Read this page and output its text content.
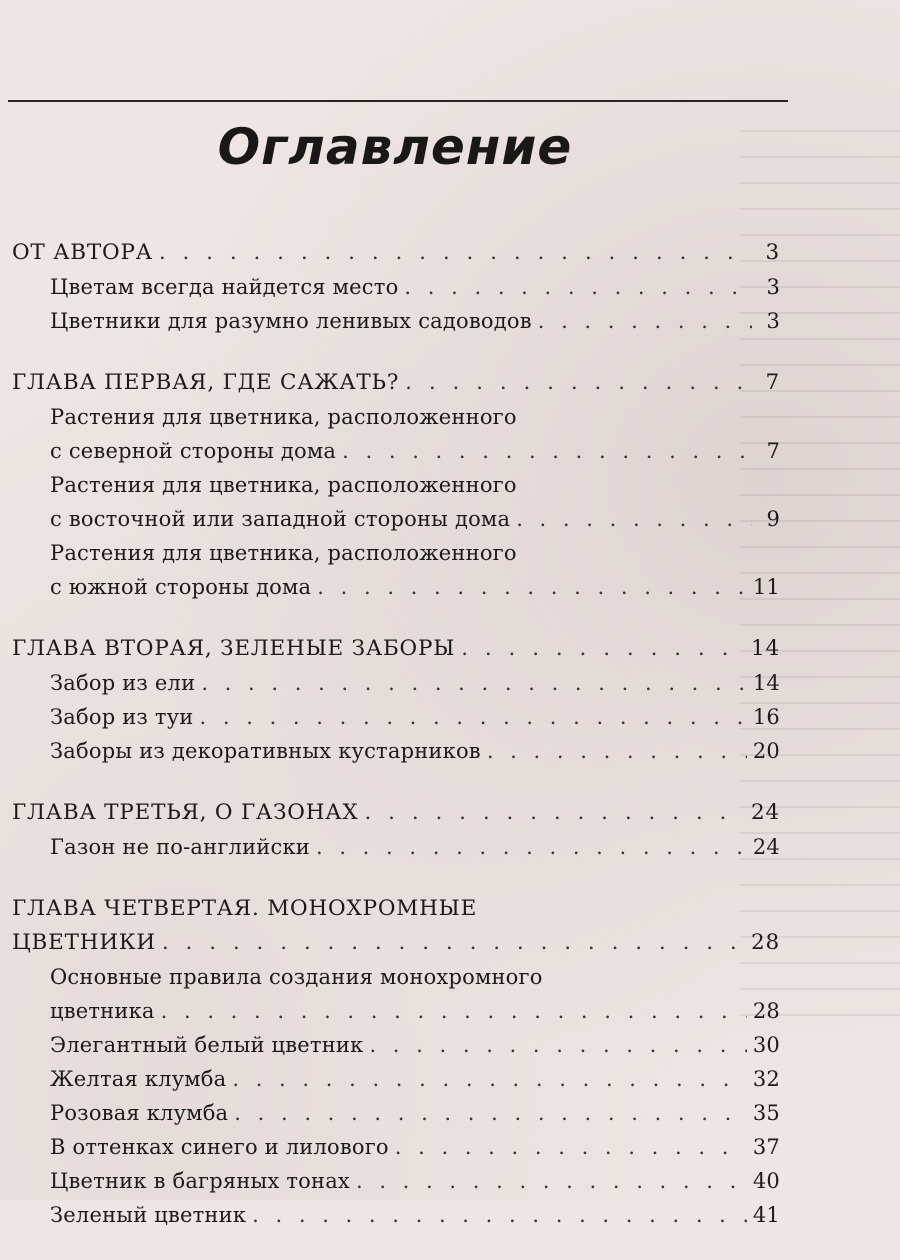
Оглавление
ОТ АВТОРА . . .	3
Цветам всегда найдется место . . .	3
Цветники для разумно ленивых садоводов . . .	3
ГЛАВА ПЕРВАЯ, ГДЕ САЖАТЬ? . . .	7
Растения для цветника, расположенного
с северной стороны дома . . .	7
Растения для цветника, расположенного
с восточной или западной стороны дома . . .	9
Растения для цветника, расположенного
с южной стороны дома . . .	11
ГЛАВА ВТОРАЯ, ЗЕЛЕНЫЕ ЗАБОРЫ . . .	14
Забор из ели . . .	14
Забор из туи . . .	16
Заборы из декоративных кустарников . . .	20
ГЛАВА ТРЕТЬЯ, О ГАЗОНАХ . . .	24
Газон не по-английски . . .	24
ГЛАВА ЧЕТВЕРТАЯ. МОНОХРОМНЫЕ
ЦВЕТНИКИ . . .	28
Основные правила создания монохромного
цветника . . .	28
Элегантный белый цветник . . .	30
Желтая клумба . . .	32
Розовая клумба . . .	35
В оттенках синего и лилового . . .	37
Цветник в багряных тонах . . .	40
Зеленый цветник . . .	41
